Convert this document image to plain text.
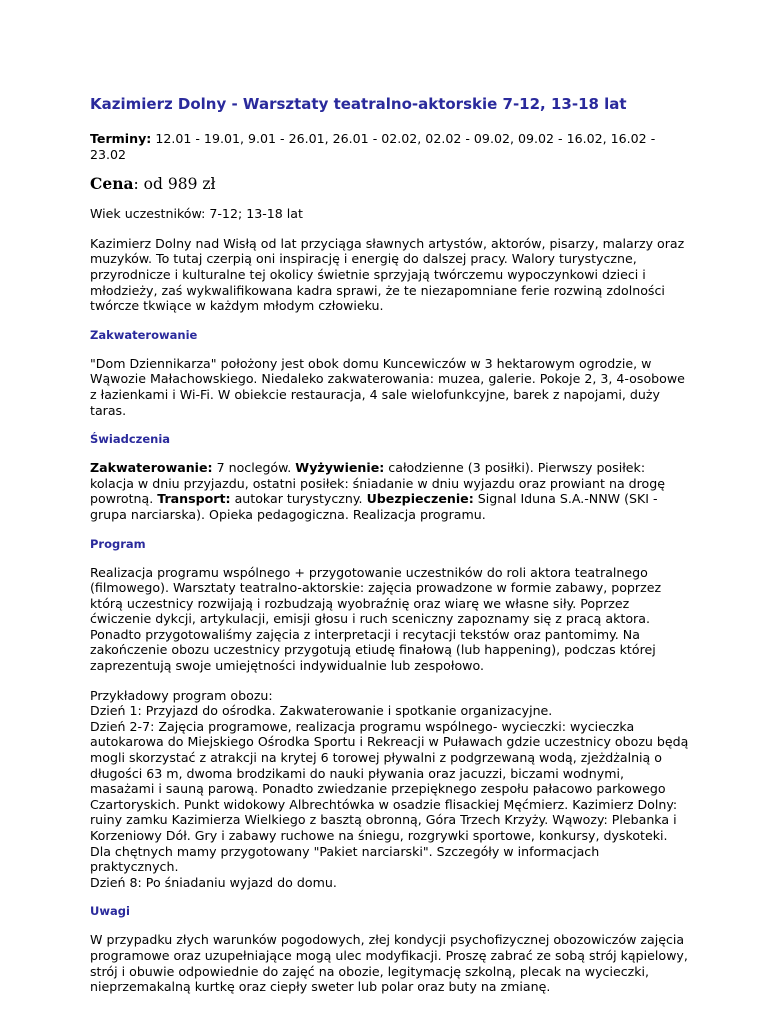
Kazimierz Dolny - Warsztaty teatralno-aktorskie 7-12, 13-18 lat

Terminy: 12.01 - 19.01, 9.01 - 26.01, 26.01 - 02.02, 02.02 - 09.02, 09.02 - 16.02, 16.02 - 23.02

Cena: od 989 zł

Wiek uczestników: 7-12; 13-18 lat

Kazimierz Dolny nad Wisłą od lat przyciąga sławnych artystów, aktorów, pisarzy, malarzy oraz muzyków. To tutaj czerpią oni inspirację i energię do dalszej pracy. Walory turystyczne, przyrodnicze i kulturalne tej okolicy świetnie sprzyjają twórczemu wypoczynkowi dzieci i młodzieży, zaś wykwalifikowana kadra sprawi, że te niezapomniane ferie rozwiną zdolności twórcze tkwiące w każdym młodym człowieku.

Zakwaterowanie

"Dom Dziennikarza" położony jest obok domu Kuncewiczów w 3 hektarowym ogrodzie, w Wąwozie Małachowskiego. Niedaleko zakwaterowania: muzea, galerie. Pokoje 2, 3, 4-osobowe z łazienkami i Wi-Fi. W obiekcie restauracja, 4 sale wielofunkcyjne, barek z napojami, duży taras.

Świadczenia

Zakwaterowanie: 7 noclegów. Wyżywienie: całodzienne (3 posiłki). Pierwszy posiłek: kolacja w dniu przyjazdu, ostatni posiłek: śniadanie w dniu wyjazdu oraz prowiant na drogę powrotną. Transport: autokar turystyczny. Ubezpieczenie: Signal Iduna S.A.-NNW (SKI - grupa narciarska). Opieka pedagogiczna. Realizacja programu.

Program

Realizacja programu wspólnego + przygotowanie uczestników do roli aktora teatralnego (filmowego). Warsztaty teatralno-aktorskie: zajęcia prowadzone w formie zabawy, poprzez którą uczestnicy rozwijają i rozbudzają wyobraźnię oraz wiarę we własne siły. Poprzez ćwiczenie dykcji, artykulacji, emisji głosu i ruch sceniczny zapoznamy się z pracą aktora. Ponadto przygotowaliśmy zajęcia z interpretacji i recytacji tekstów oraz pantomimy. Na zakończenie obozu uczestnicy przygotują etiudę finałową (lub happening), podczas której zaprezentują swoje umiejętności indywidualnie lub zespołowo.

Przykładowy program obozu:
Dzień 1: Przyjazd do ośrodka. Zakwaterowanie i spotkanie organizacyjne.
Dzień 2-7: Zajęcia programowe, realizacja programu wspólnego- wycieczki: wycieczka autokarowa do Miejskiego Ośrodka Sportu i Rekreacji w Puławach gdzie uczestnicy obozu będą mogli skorzystać z atrakcji na krytej 6 torowej pływalni z podgrzewaną wodą, zjeżdżalnią o długości 63 m, dwoma brodzikami do nauki pływania oraz jacuzzi, biczami wodnymi, masażami i sauną parową. Ponadto zwiedzanie przepięknego zespołu pałacowo parkowego Czartoryskich. Punkt widokowy Albrechtówka w osadzie flisackiej Męćmierz. Kazimierz Dolny: ruiny zamku Kazimierza Wielkiego z basztą obronną, Góra Trzech Krzyży. Wąwozy: Plebanka i Korzeniowy Dół. Gry i zabawy ruchowe na śniegu, rozgrywki sportowe, konkursy, dyskoteki. Dla chętnych mamy przygotowany "Pakiet narciarski". Szczegóły w informacjach praktycznych.
Dzień 8: Po śniadaniu wyjazd do domu.

Uwagi

W przypadku złych warunków pogodowych, złej kondycji psychofizycznej obozowiczów zajęcia programowe oraz uzupełniające mogą ulec modyfikacji. Proszę zabrać ze sobą strój kąpielowy, strój i obuwie odpowiednie do zajęć na obozie, legitymację szkolną, plecak na wycieczki, nieprzemakalną kurtkę oraz ciepły sweter lub polar oraz buty na zmianę.
